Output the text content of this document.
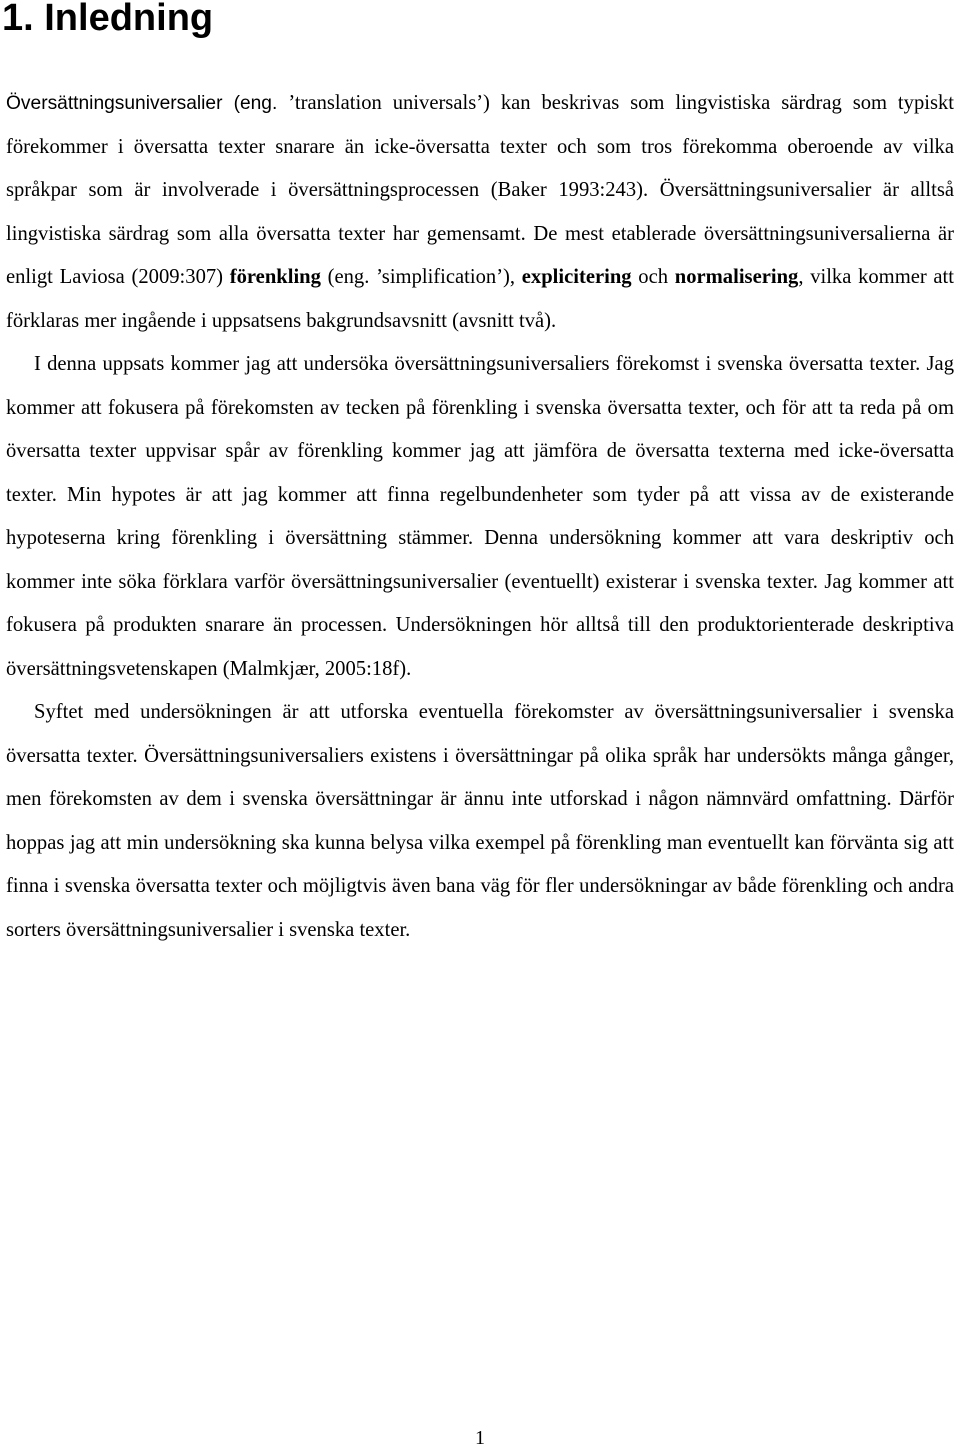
1. Inledning

Översättningsuniversalier (eng. ’translation universals’) kan beskrivas som lingvistiska särdrag som typiskt förekommer i översatta texter snarare än icke-översatta texter och som tros förekomma oberoende av vilka språkpar som är involverade i översättningsprocessen (Baker 1993:243). Översättningsuniversalier är alltså lingvistiska särdrag som alla översatta texter har gemensamt. De mest etablerade översättningsuniversalierna är enligt Laviosa (2009:307) förenkling (eng. ’simplification’), explicitering och normalisering, vilka kommer att förklaras mer ingående i uppsatsens bakgrundsavsnitt (avsnitt två).

I denna uppsats kommer jag att undersöka översättningsuniversaliers förekomst i svenska översatta texter. Jag kommer att fokusera på förekomsten av tecken på förenkling i svenska översatta texter, och för att ta reda på om översatta texter uppvisar spår av förenkling kommer jag att jämföra de översatta texterna med icke-översatta texter. Min hypotes är att jag kommer att finna regelbundenheter som tyder på att vissa av de existerande hypoteserna kring förenkling i översättning stämmer. Denna undersökning kommer att vara deskriptiv och kommer inte söka förklara varför översättningsuniversalier (eventuellt) existerar i svenska texter. Jag kommer att fokusera på produkten snarare än processen. Undersökningen hör alltså till den produktorienterade deskriptiva översättningsvetenskapen (Malmkjær, 2005:18f).

Syftet med undersökningen är att utforska eventuella förekomster av översättningsuniversalier i svenska översatta texter. Översättningsuniversaliers existens i översättningar på olika språk har undersökts många gånger, men förekomsten av dem i svenska översättningar är ännu inte utforskad i någon nämnvärd omfattning. Därför hoppas jag att min undersökning ska kunna belysa vilka exempel på förenkling man eventuellt kan förvänta sig att finna i svenska översatta texter och möjligtvis även bana väg för fler undersökningar av både förenkling och andra sorters översättningsuniversalier i svenska texter.

1
